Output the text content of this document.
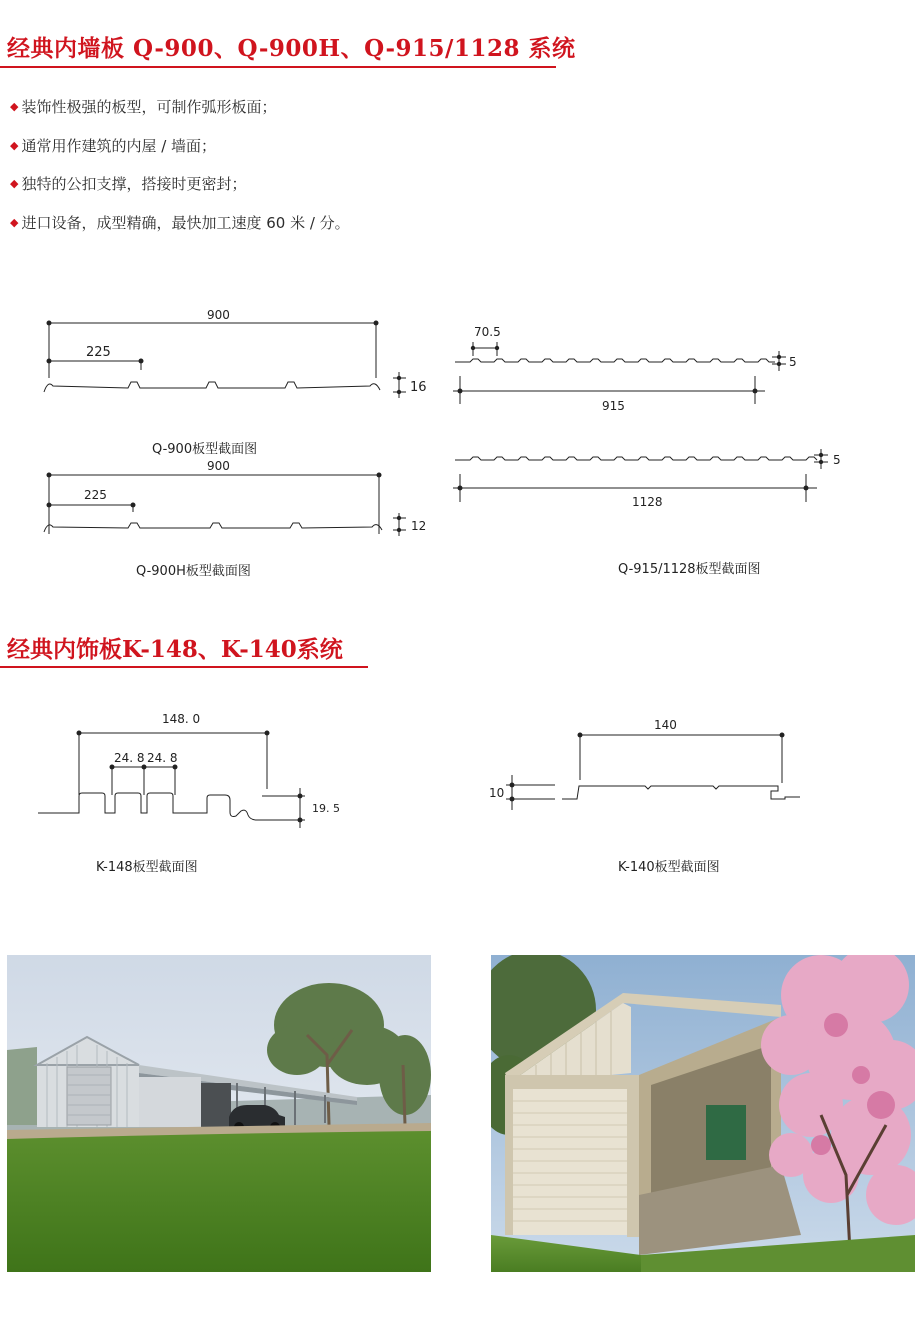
经典内墙板 Q-900、Q-900H、Q-915/1128 系统
◆ 装饰性极强的板型，可制作弧形板面；
◆ 通常用作建筑的内屋 / 墙面；
◆ 独特的公扣支撑，搭接时更密封；
◆ 进口设备，成型精确，最快加工速度 60 米 / 分。
900
225
16
Q-900板型截面图
900
225
12
Q-900H板型截面图
70.5
5
915
5
1128
Q-915/1128板型截面图
148. 0
24. 8 24. 8
19. 5
K-148板型截面图
140
10
K-140板型截面图
经典内饰板K-148、K-140系统
